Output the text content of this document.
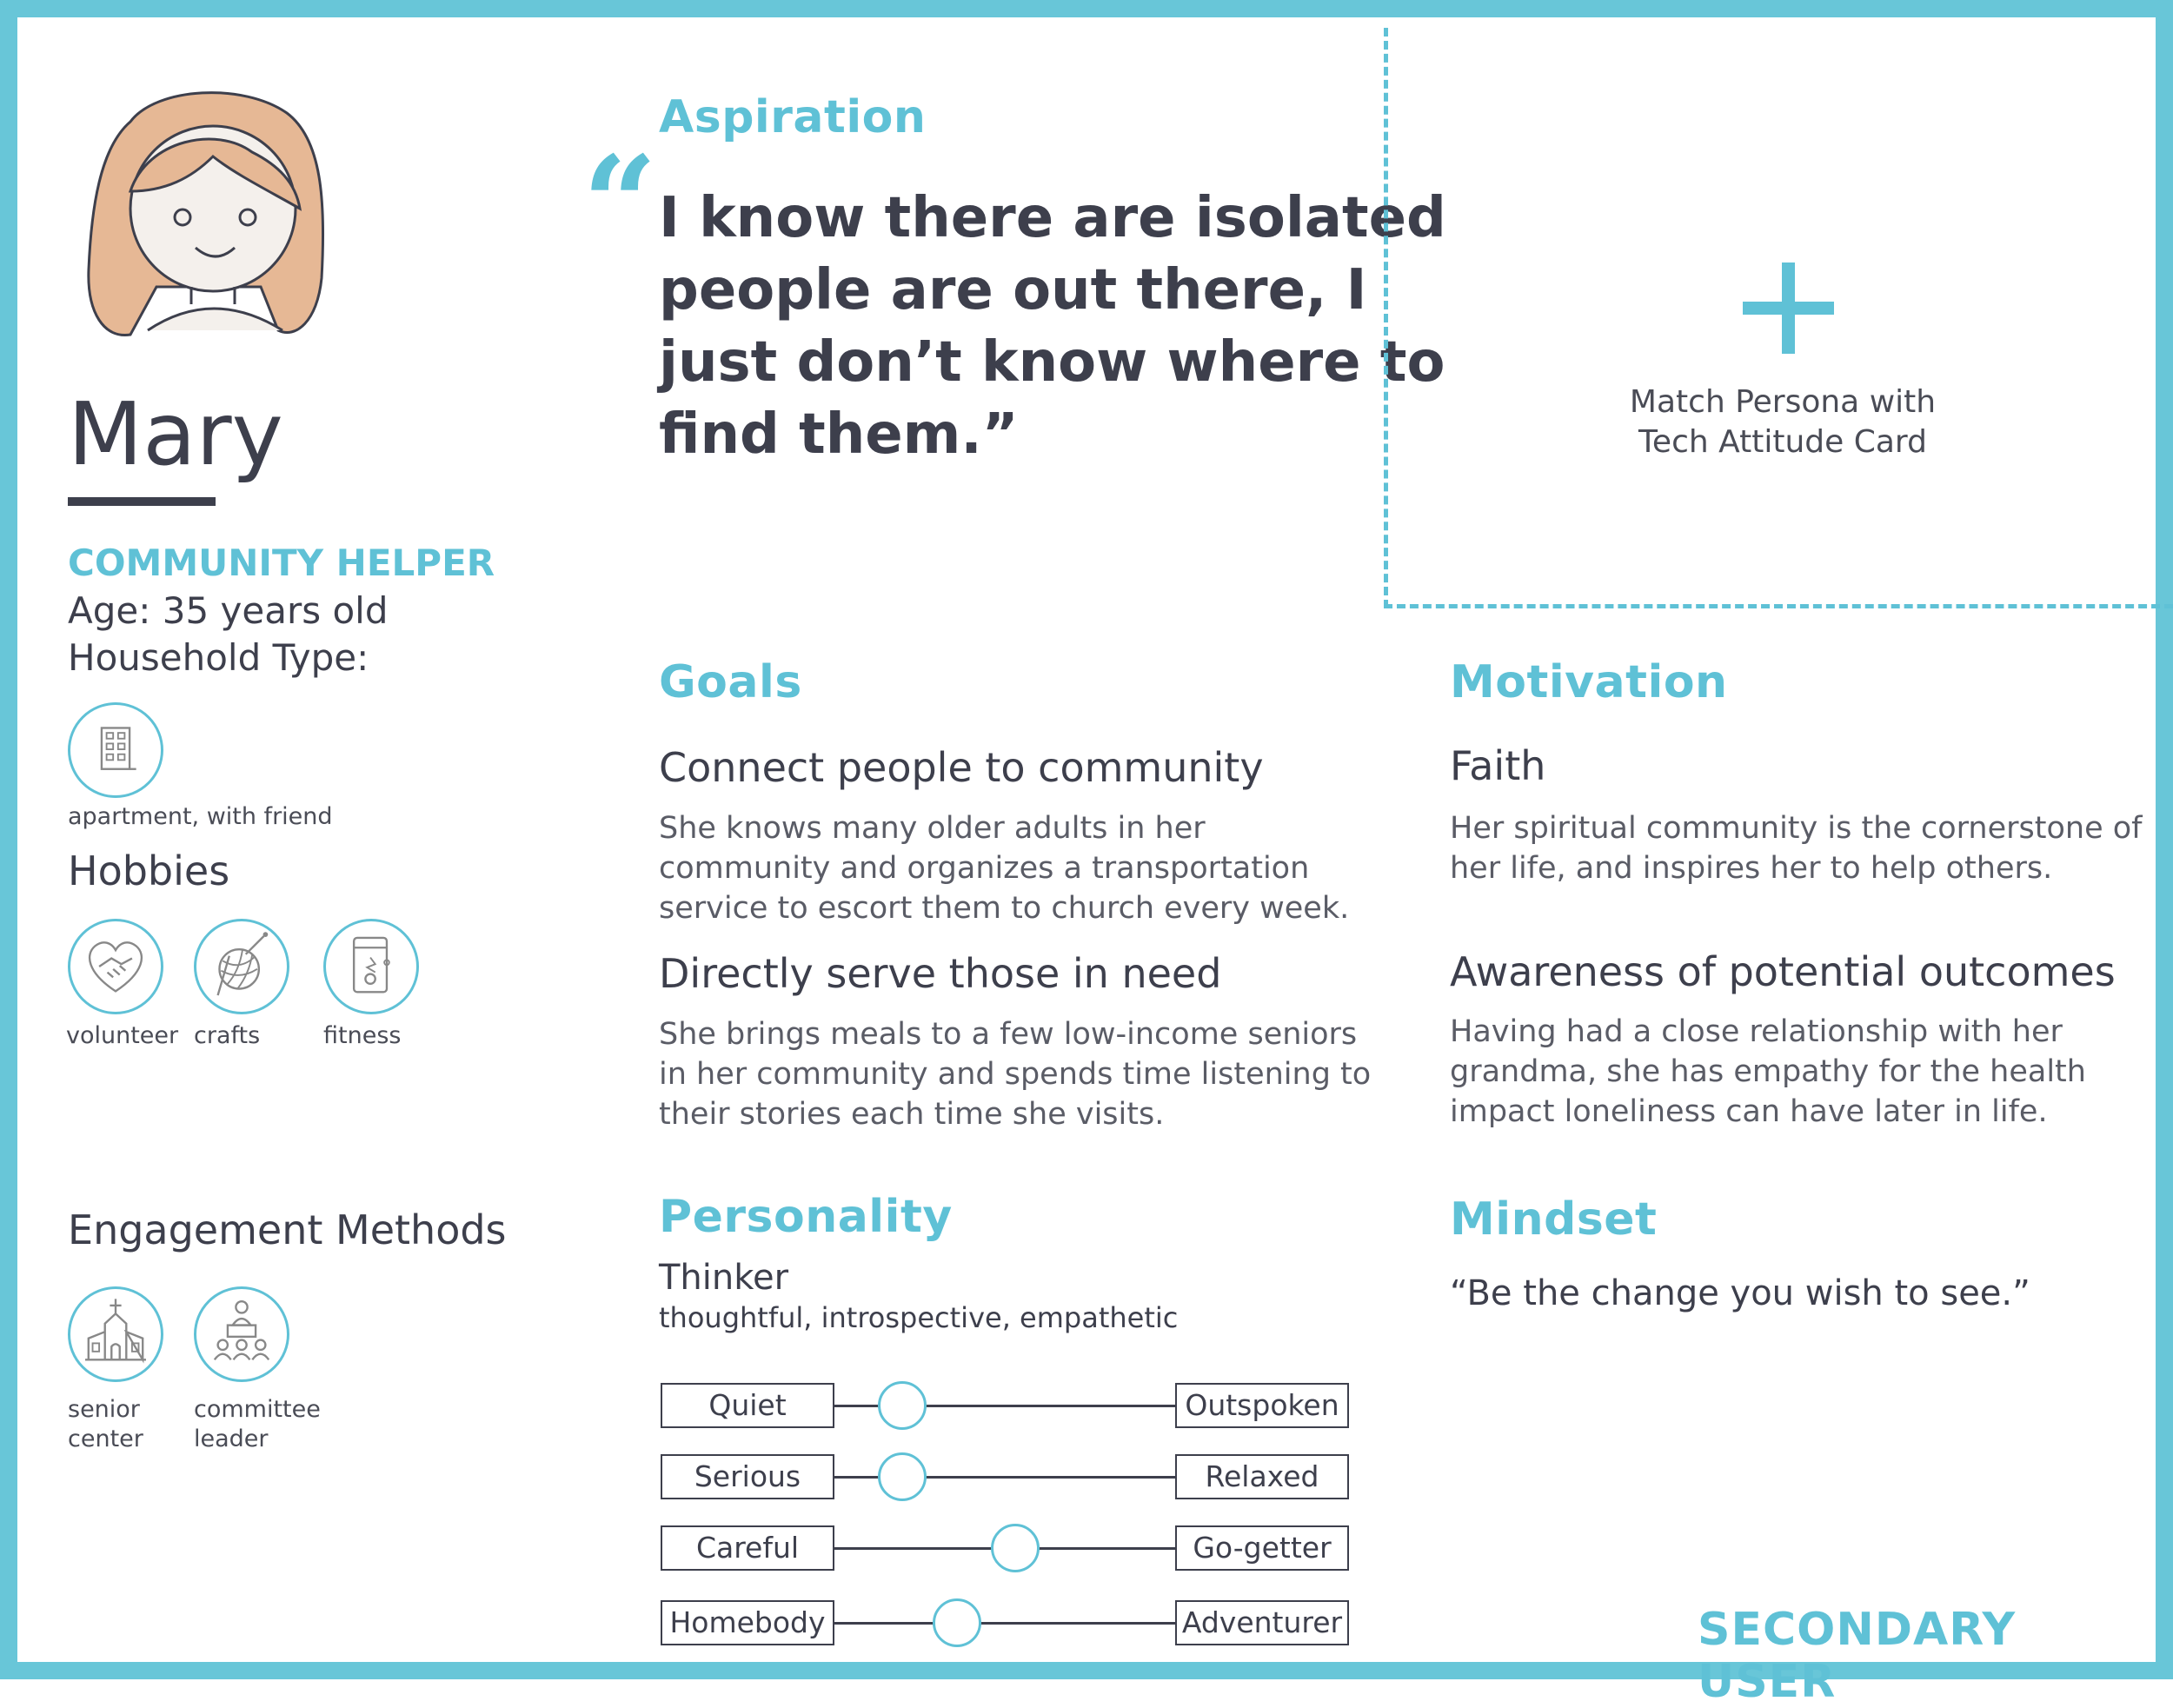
Mary
COMMUNITY HELPER
Age: 35 years old
Household Type:
apartment, with friend
Hobbies
volunteer crafts	fitness
Engagement Methods
senior
center
committee
leader
Aspiration
“ I know there are isolated
people are out there, I
just don’t know where to
find them.”
Match Persona with
Tech Attitude Card
Goals
Connect people to community
She knows many older adults in her
community and organizes a transportation
service to escort them to church every week.
Directly serve those in need
She brings meals to a few low-income seniors
in her community and spends time listening to
their stories each time she visits.
Motivation
Faith
Her spiritual community is the cornerstone of
her life, and inspires her to help others.
Awareness of potential outcomes
Having had a close relationship with her
grandma, she has empathy for the health
impact loneliness can have later in life.
Personality
Thinker
thoughtful, introspective, empathetic
Quiet	Outspoken
Serious	Relaxed
Careful	Go-getter
Homebody	Adventurer
Mindset
“Be the change you wish to see.”
SECONDARY USER
